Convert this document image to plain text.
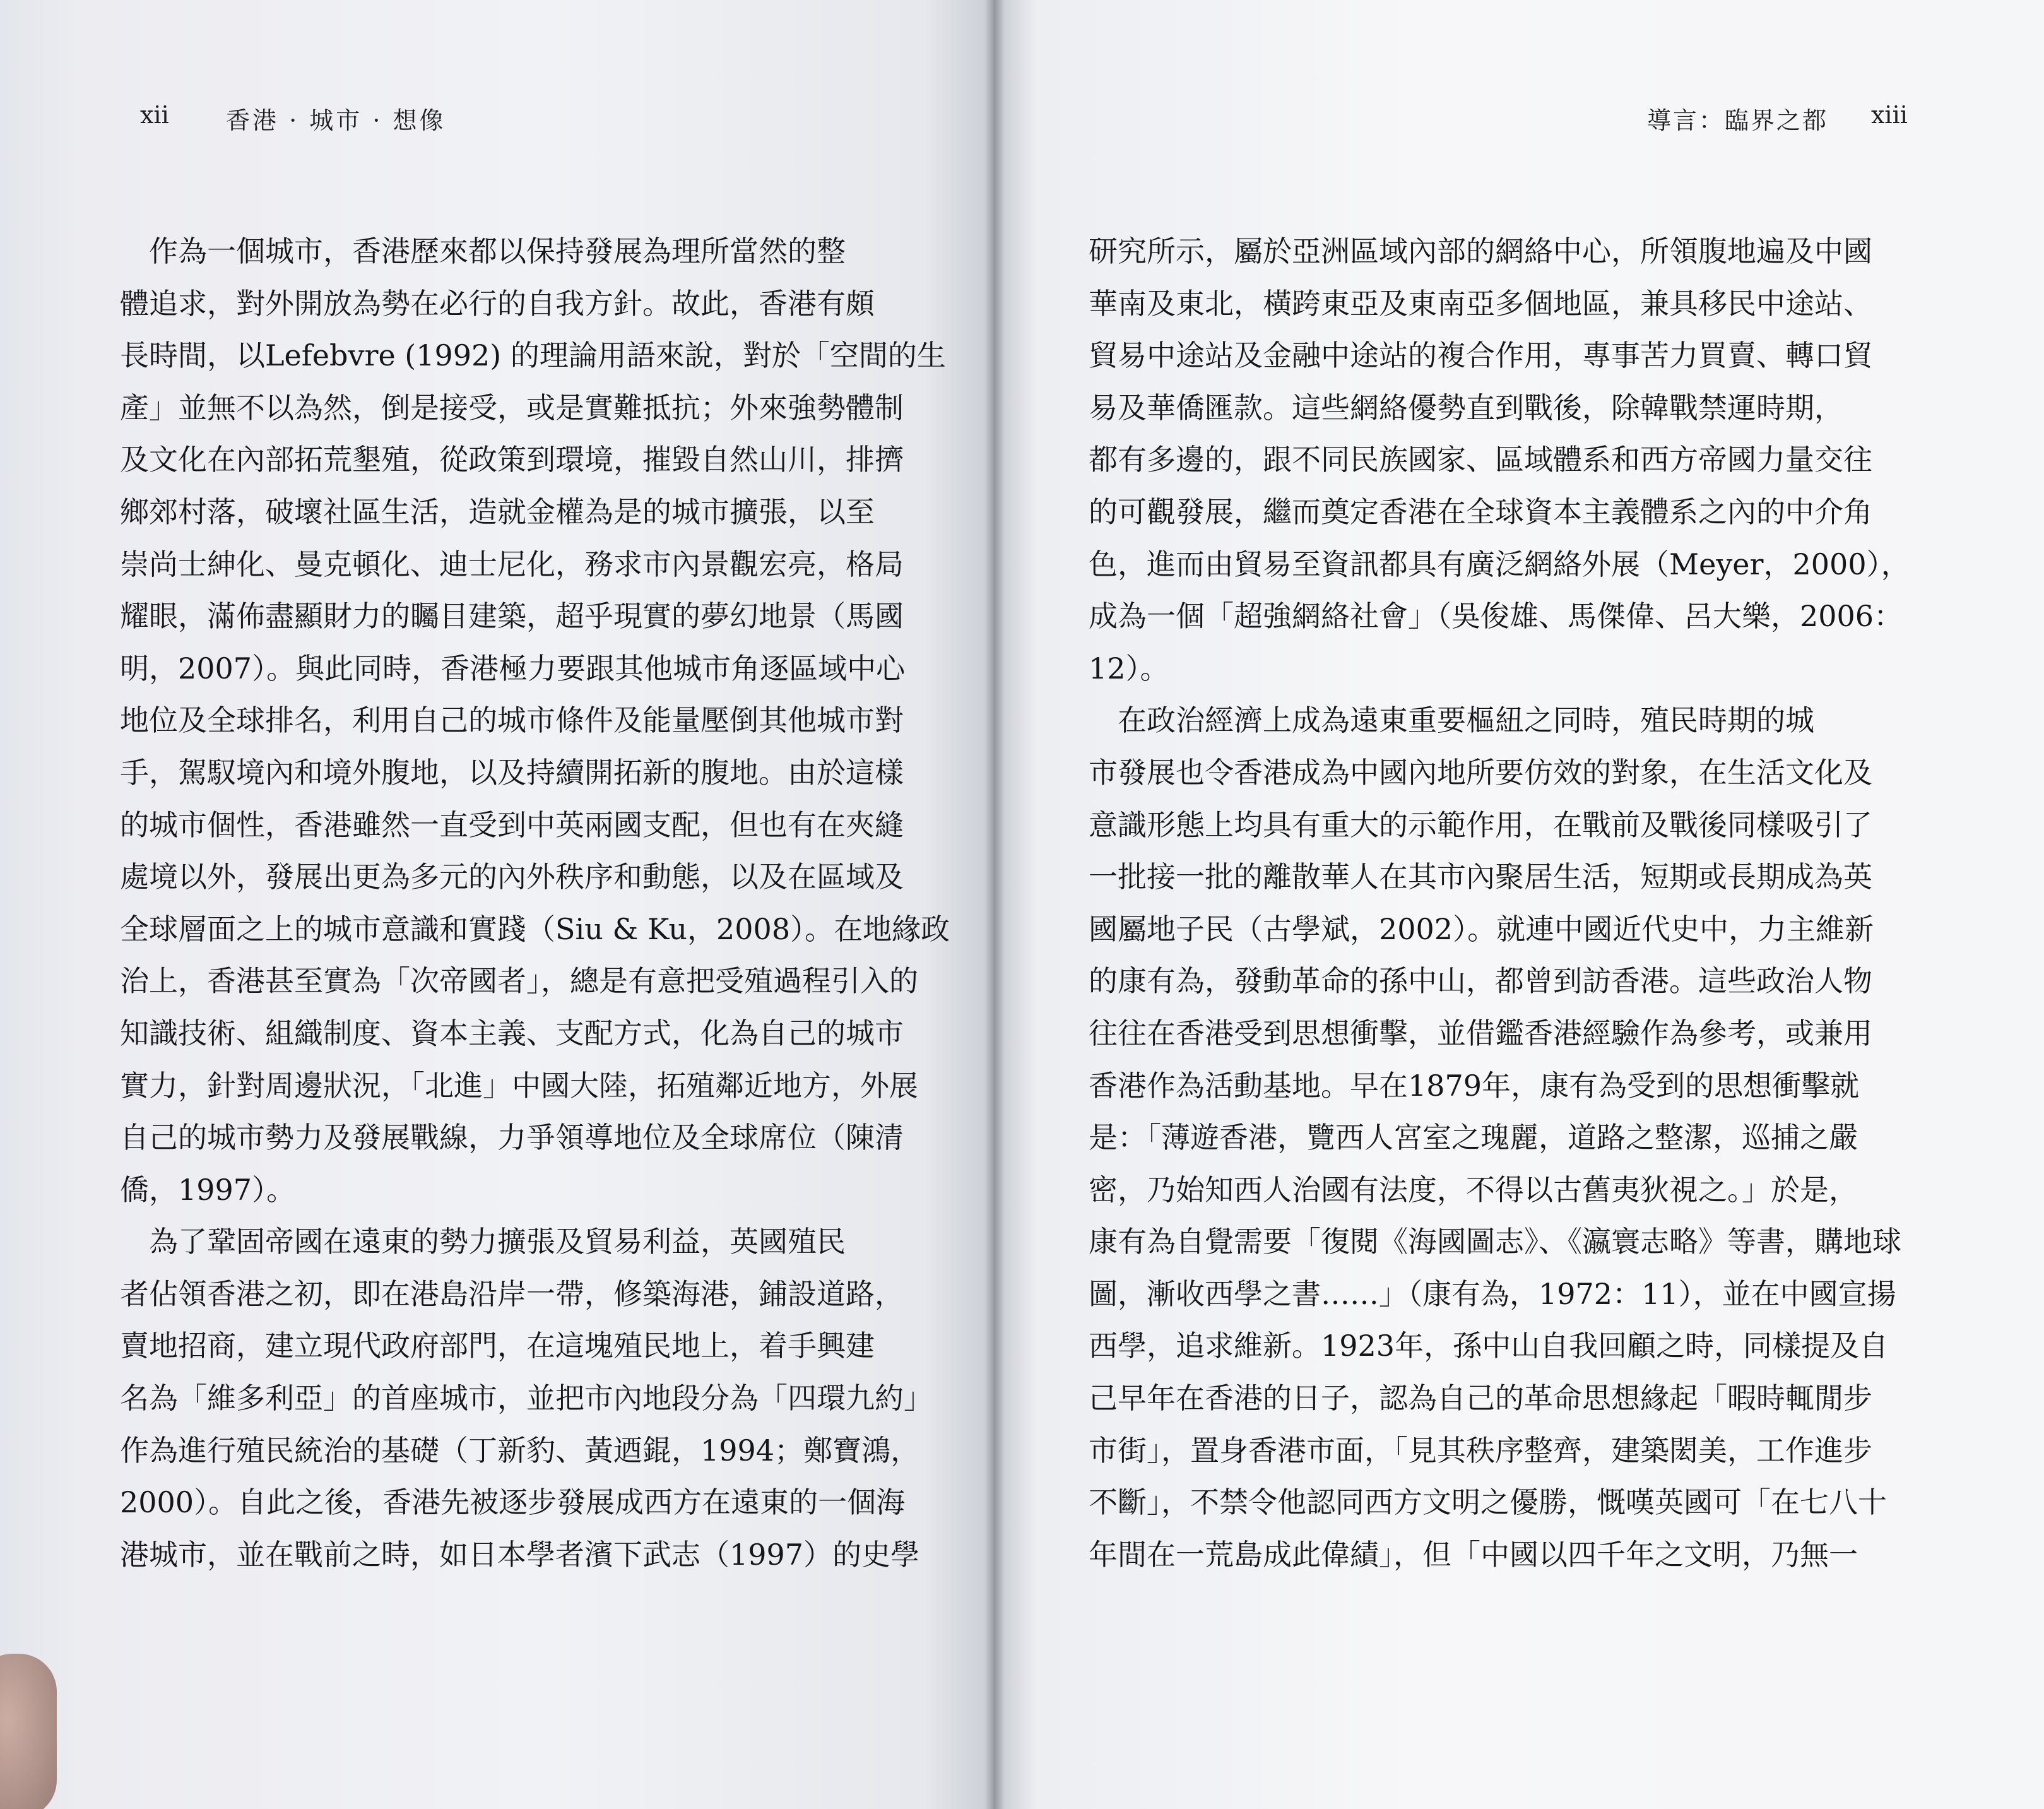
xii 香港 · 城市 · 想像
　作為一個城市，香港歷來都以保持發展為理所當然的整
體追求，對外開放為勢在必行的自我方針。故此，香港有頗
長時間，以Lefebvre (1992) 的理論用語來說，對於「空間的生
產」並無不以為然，倒是接受，或是實難抵抗；外來強勢體制
及文化在內部拓荒墾殖，從政策到環境，摧毀自然山川，排擠
鄉郊村落，破壞社區生活，造就金權為是的城市擴張，以至
崇尚士紳化、曼克頓化、迪士尼化，務求市內景觀宏亮，格局
耀眼，滿佈盡顯財力的矚目建築，超乎現實的夢幻地景（馬國
明，2007）。與此同時，香港極力要跟其他城市角逐區域中心
地位及全球排名，利用自己的城市條件及能量壓倒其他城市對
手，駕馭境內和境外腹地，以及持續開拓新的腹地。由於這樣
的城市個性，香港雖然一直受到中英兩國支配，但也有在夾縫
處境以外，發展出更為多元的內外秩序和動態，以及在區域及
全球層面之上的城市意識和實踐（Siu & Ku，2008）。在地緣政
治上，香港甚至實為「次帝國者」，總是有意把受殖過程引入的
知識技術、組織制度、資本主義、支配方式，化為自己的城市
實力，針對周邊狀況，「北進」中國大陸，拓殖鄰近地方，外展
自己的城市勢力及發展戰線，力爭領導地位及全球席位（陳清
僑，1997）。
　為了鞏固帝國在遠東的勢力擴張及貿易利益，英國殖民
者佔領香港之初，即在港島沿岸一帶，修築海港，鋪設道路，
賣地招商，建立現代政府部門，在這塊殖民地上，着手興建
名為「維多利亞」的首座城市，並把市內地段分為「四環九約」
作為進行殖民統治的基礎（丁新豹、黃迺錕，1994；鄭寶鴻，
2000）。自此之後，香港先被逐步發展成西方在遠東的一個海
港城市，並在戰前之時，如日本學者濱下武志（1997）的史學
導言：臨界之都 xiii
研究所示，屬於亞洲區域內部的網絡中心，所領腹地遍及中國
華南及東北，橫跨東亞及東南亞多個地區，兼具移民中途站、
貿易中途站及金融中途站的複合作用，專事苦力買賣、轉口貿
易及華僑匯款。這些網絡優勢直到戰後，除韓戰禁運時期，
都有多邊的，跟不同民族國家、區域體系和西方帝國力量交往
的可觀發展，繼而奠定香港在全球資本主義體系之內的中介角
色，進而由貿易至資訊都具有廣泛網絡外展（Meyer，2000），
成為一個「超強網絡社會」（吳俊雄、馬傑偉、呂大樂，2006：
12）。
　在政治經濟上成為遠東重要樞紐之同時，殖民時期的城
市發展也令香港成為中國內地所要仿效的對象，在生活文化及
意識形態上均具有重大的示範作用，在戰前及戰後同樣吸引了
一批接一批的離散華人在其市內聚居生活，短期或長期成為英
國屬地子民（古學斌，2002）。就連中國近代史中，力主維新
的康有為，發動革命的孫中山，都曾到訪香港。這些政治人物
往往在香港受到思想衝擊，並借鑑香港經驗作為參考，或兼用
香港作為活動基地。早在1879年，康有為受到的思想衝擊就
是：「薄遊香港，覽西人宮室之瑰麗，道路之整潔，巡捕之嚴
密，乃始知西人治國有法度，不得以古舊夷狄視之。」於是，
康有為自覺需要「復閱《海國圖志》、《瀛寰志略》等書，購地球
圖，漸收西學之書……」（康有為，1972：11），並在中國宣揚
西學，追求維新。1923年，孫中山自我回顧之時，同樣提及自
己早年在香港的日子，認為自己的革命思想緣起「暇時輒閒步
市街」，置身香港市面，「見其秩序整齊，建築閎美，工作進步
不斷」，不禁令他認同西方文明之優勝，慨嘆英國可「在七八十
年間在一荒島成此偉績」，但「中國以四千年之文明，乃無一
